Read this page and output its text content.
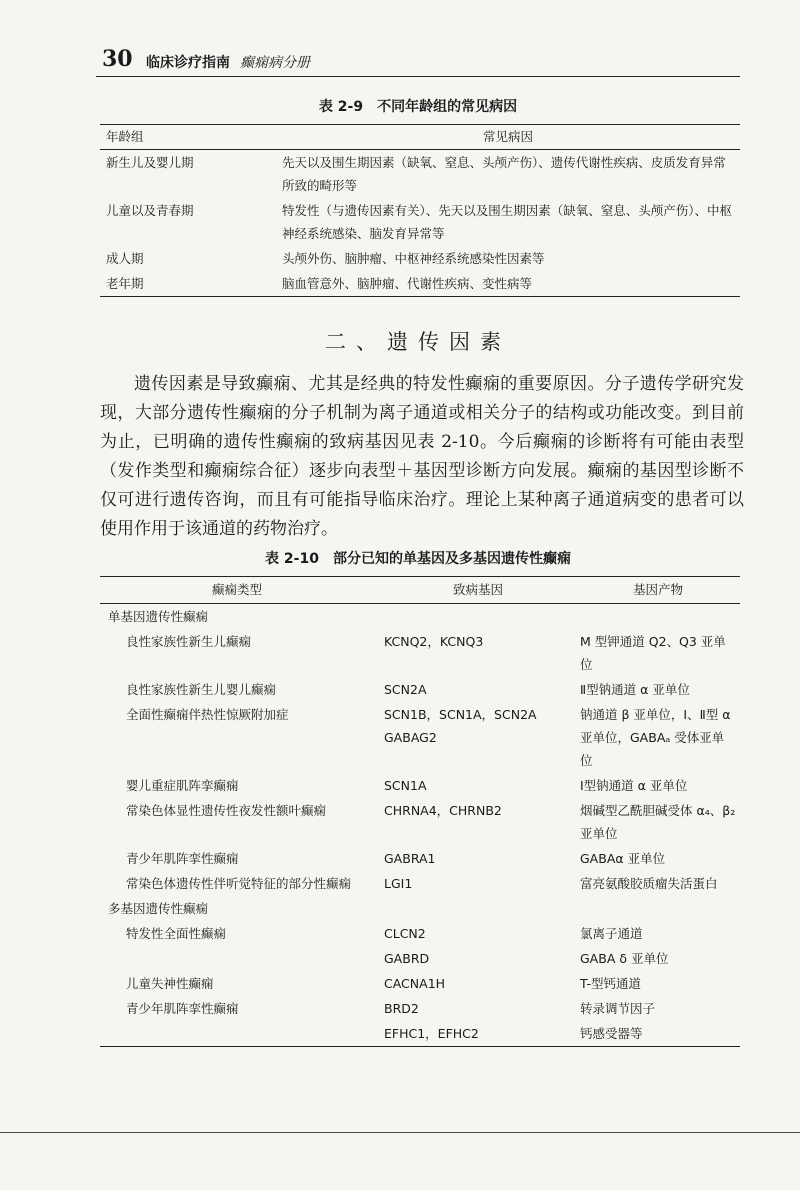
30 临床诊疗指南 癫痫病分册
表 2-9　不同年龄组的常见病因
年龄组	常见病因
新生儿及婴儿期	先天以及围生期因素（缺氧、窒息、头颅产伤）、遗传代谢性疾病、皮质发育异常所致的畸形等
儿童以及青春期	特发性（与遗传因素有关）、先天以及围生期因素（缺氧、窒息、头颅产伤）、中枢神经系统感染、脑发育异常等
成人期	头颅外伤、脑肿瘤、中枢神经系统感染性因素等
老年期	脑血管意外、脑肿瘤、代谢性疾病、变性病等
二、遗传因素

遗传因素是导致癫痫、尤其是经典的特发性癫痫的重要原因。分子遗传学研究发现，大部分遗传性癫痫的分子机制为离子通道或相关分子的结构或功能改变。到目前为止，已明确的遗传性癫痫的致病基因见表 2-10。今后癫痫的诊断将有可能由表型（发作类型和癫痫综合征）逐步向表型＋基因型诊断方向发展。癫痫的基因型诊断不仅可进行遗传咨询，而且有可能指导临床治疗。理论上某种离子通道病变的患者可以使用作用于该通道的药物治疗。

表 2-10　部分已知的单基因及多基因遗传性癫痫
癫痫类型	致病基因	基因产物
单基因遗传性癫痫		
良性家族性新生儿癫痫	KCNQ2，KCNQ3	M 型钾通道 Q2、Q3 亚单位
良性家族性新生儿婴儿癫痫	SCN2A	Ⅱ型钠通道 α 亚单位
全面性癫痫伴热性惊厥附加症	SCN1B，SCN1A，SCN2A GABAG2	钠通道 β 亚单位，Ⅰ、Ⅱ型 α 亚单位，GABAₐ 受体亚单位
婴儿重症肌阵挛癫痫	SCN1A	Ⅰ型钠通道 α 亚单位
常染色体显性遗传性夜发性额叶癫痫	CHRNA4，CHRNB2	烟碱型乙酰胆碱受体 α₄、β₂ 亚单位
青少年肌阵挛性癫痫	GABRA1	GABAα 亚单位
常染色体遗传性伴听觉特征的部分性癫痫	LGI1	富亮氨酸胶质瘤失活蛋白
多基因遗传性癫痫		
特发性全面性癫痫	CLCN2	氯离子通道
	GABRD	GABA δ 亚单位
儿童失神性癫痫	CACNA1H	T-型钙通道
青少年肌阵挛性癫痫	BRD2	转录调节因子
	EFHC1，EFHC2	钙感受器等
